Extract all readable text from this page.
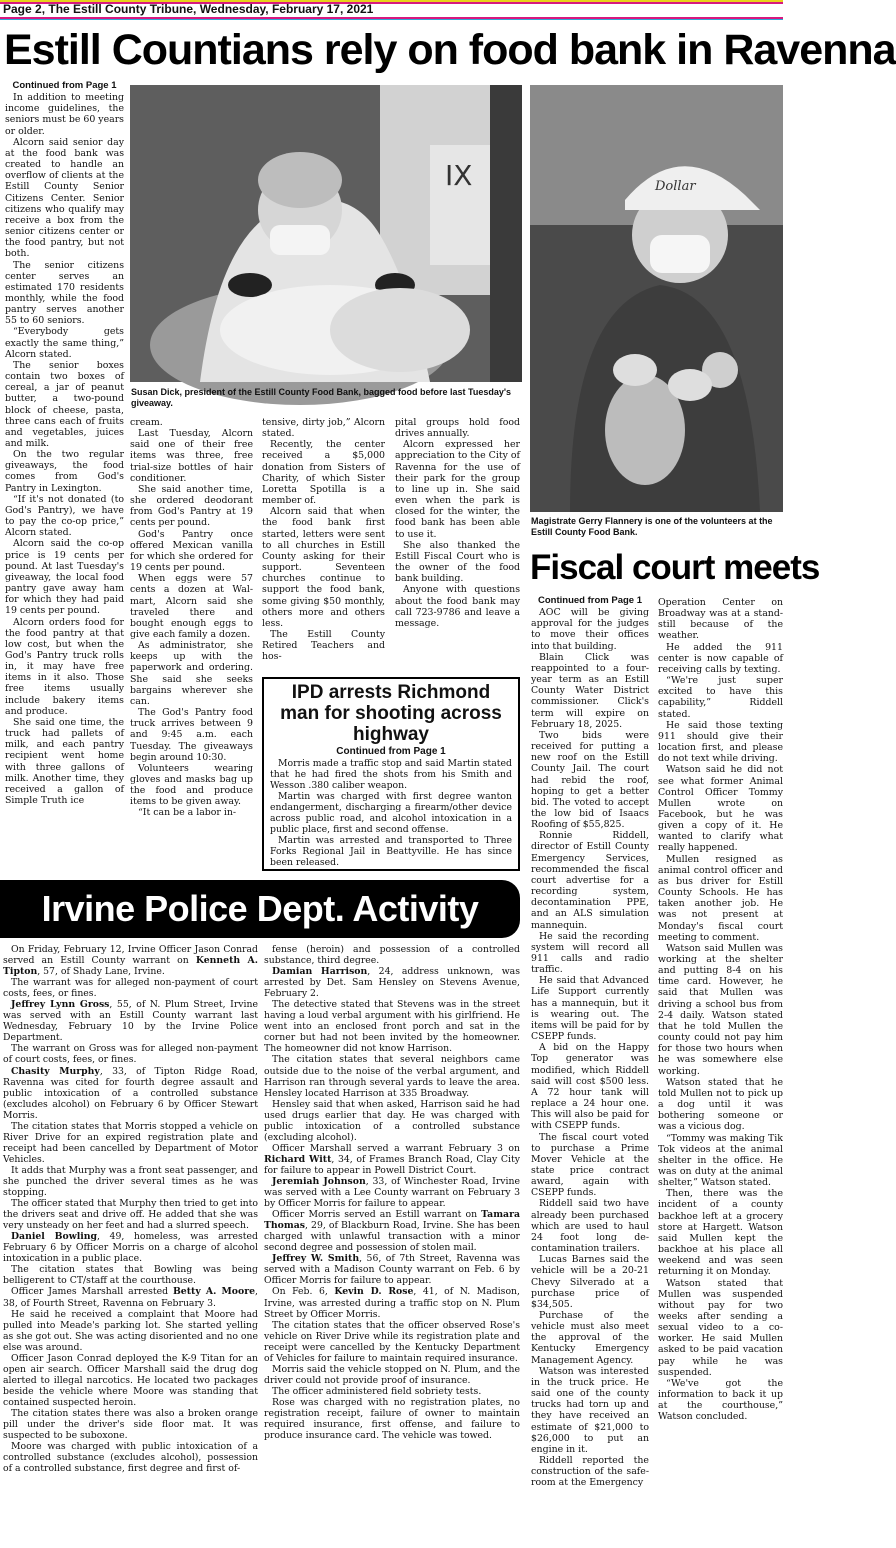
Page 2, The Estill County Tribune, Wednesday, February 17, 2021
Estill Countians rely on food bank in Ravenna
Continued from Page 1

In addition to meeting income guidelines, the seniors must be 60 years or older.

Alcorn said senior day at the food bank was created to handle an overflow of clients at the Estill County Senior Citizens Center. Senior citizens who qualify may receive a box from the senior citizens center or the food pantry, but not both.

The senior citizens center serves an estimated 170 residents monthly, while the food pantry serves another 55 to 60 seniors.

“Everybody gets exactly the same thing,” Alcorn stated.

The senior boxes contain two boxes of cereal, a jar of peanut butter, a two-pound block of cheese, pasta, three cans each of fruits and vegetables, juices and milk.

On the two regular giveaways, the food comes from God's Pantry in Lexington.

“If it's not donated (to God's Pantry), we have to pay the co-op price,” Alcorn stated.

Alcorn said the co-op price is 19 cents per pound. At last Tuesday's giveaway, the local food pantry gave away ham for which they had paid 19 cents per pound.

Alcorn orders food for the food pantry at that low cost, but when the God's Pantry truck rolls in, it may have free items in it also. Those free items usually include bakery items and produce.

She said one time, the truck had pallets of milk, and each pantry recipient went home with three gallons of milk. Another time, they received a gallon of Simple Truth ice

IX
Susan Dick, president of the Estill County Food Bank, bagged food before last Tuesday's giveaway.
Dollar
Magistrate Gerry Flannery is one of the volunteers at the Estill County Food Bank.

cream.

Last Tuesday, Alcorn said one of their free items was three, free trial-size bottles of hair conditioner.

She said another time, she ordered deodorant from God's Pantry at 19 cents per pound.

God's Pantry once offered Mexican vanilla for which she ordered for 19 cents per pound.

When eggs were 57 cents a dozen at Wal-mart, Alcorn said she traveled there and bought enough eggs to give each family a dozen.

As administrator, she keeps up with the paperwork and ordering. She said she seeks bargains wherever she can.

The God's Pantry food truck arrives between 9 and 9:45 a.m. each Tuesday. The giveaways begin around 10:30.

Volunteers wearing gloves and masks bag up the food and produce items to be given away.

“It can be a labor in-

tensive, dirty job,” Alcorn stated.

Recently, the center received a $5,000 donation from Sisters of Charity, of which Sister Loretta Spotilla is a member of.

Alcorn said that when the food bank first started, letters were sent to all churches in Estill County asking for their support. Seventeen churches continue to support the food bank, some giving $50 monthly, others more and others less.

The Estill County Retired Teachers and hos-

pital groups hold food drives annually.

Alcorn expressed her appreciation to the City of Ravenna for the use of their park for the group to line up in. She said even when the park is closed for the winter, the food bank has been able to use it.

She also thanked the Estill Fiscal Court who is the owner of the food bank building.

Anyone with questions about the food bank may call 723-9786 and leave a message.

IPD arrests Richmond man for shooting across highway
Continued from Page 1

Morris made a traffic stop and said Martin stated that he had fired the shots from his Smith and Wesson .380 caliber weapon.

Martin was charged with first degree wanton endangerment, discharging a firearm/other device across public road, and alcohol intoxication in a public place, first and second offense.

Martin was arrested and transported to Three Forks Regional Jail in Beattyville. He has since been released.

Fiscal court meets
Continued from Page 1

AOC will be giving approval for the judges to move their offices into that building.

Blain Click was reappointed to a four-year term as an Estill County Water District commissioner. Click's term will expire on February 18, 2025.

Two bids were received for putting a new roof on the Estill County Jail. The court had rebid the roof, hoping to get a better bid. The voted to accept the low bid of Isaacs Roofing of $55,825.

Ronnie Riddell, director of Estill County Emergency Services, recommended the fiscal court advertise for a recording system, decontamination PPE, and an ALS simulation mannequin.

He said the recording system will record all 911 calls and radio traffic.

He said that Advanced Life Support currently has a mannequin, but it is wearing out. The items will be paid for by CSEPP funds.

A bid on the Happy Top generator was modified, which Riddell said will cost $500 less. A 72 hour tank will replace a 24 hour one. This will also be paid for with CSEPP funds.

The fiscal court voted to purchase a Prime Mover Vehicle at the state price contract award, again with CSEPP funds.

Riddell said two have already been purchased which are used to haul 24 foot long de-contamination trailers.

Lucas Barnes said the vehicle will be a 20-21 Chevy Silverado at a purchase price of $34,505.

Purchase of the vehicle must also meet the approval of the Kentucky Emergency Management Agency.

Watson was interested in the truck price. He said one of the county trucks had torn up and they have received an estimate of $21,000 to $26,000 to put an engine in it.

Riddell reported the construction of the safe-room at the Emergency

Operation Center on Broadway was at a stand-still because of the weather.

He added the 911 center is now capable of receiving calls by texting.

“We're just super excited to have this capability,” Riddell stated.

He said those texting 911 should give their location first, and please do not text while driving.

Watson said he did not see what former Animal Control Officer Tommy Mullen wrote on Facebook, but he was given a copy of it. He wanted to clarify what really happened.

Mullen resigned as animal control officer and as bus driver for Estill County Schools. He has taken another job. He was not present at Monday's fiscal court meeting to comment.

Watson said Mullen was working at the shelter and putting 8-4 on his time card. However, he said that Mullen was driving a school bus from 2-4 daily. Watson stated that he told Mullen the county could not pay him for those two hours when he was somewhere else working.

Watson stated that he told Mullen not to pick up a dog until it was bothering someone or was a vicious dog.

“Tommy was making Tik Tok videos at the animal shelter in the office. He was on duty at the animal shelter,” Watson stated.

Then, there was the incident of a county backhoe left at a grocery store at Hargett. Watson said Mullen kept the backhoe at his place all weekend and was seen returning it on Monday.

Watson stated that Mullen was suspended without pay for two weeks after sending a sexual video to a co-worker. He said Mullen asked to be paid vacation pay while he was suspended.

“We've got the information to back it up at the courthouse,” Watson concluded.

Irvine Police Dept. Activity

On Friday, February 12, Irvine Officer Jason Conrad served an Estill County warrant on Kenneth A. Tipton, 57, of Shady Lane, Irvine.

The warrant was for alleged non-payment of court costs, fees, or fines.

Jeffrey Lynn Gross, 55, of N. Plum Street, Irvine was served with an Estill County warrant last Wednesday, February 10 by the Irvine Police Department.

The warrant on Gross was for alleged non-payment of court costs, fees, or fines.

Chasity Murphy, 33, of Tipton Ridge Road, Ravenna was cited for fourth degree assault and public intoxication of a controlled substance (excludes alcohol) on February 6 by Officer Stewart Morris.

The citation states that Morris stopped a vehicle on River Drive for an expired registration plate and receipt had been cancelled by Department of Motor Vehicles.

It adds that Murphy was a front seat passenger, and she punched the driver several times as he was stopping.

The officer stated that Murphy then tried to get into the drivers seat and drive off. He added that she was very unsteady on her feet and had a slurred speech.

Daniel Bowling, 49, homeless, was arrested February 6 by Officer Morris on a charge of alcohol intoxication in a public place.

The citation states that Bowling was being belligerent to CT/staff at the courthouse.

Officer James Marshall arrested Betty A. Moore, 38, of Fourth Street, Ravenna on February 3.

He said he received a complaint that Moore had pulled into Meade's parking lot. She started yelling as she got out. She was acting disoriented and no one else was around.

Officer Jason Conrad deployed the K-9 Titan for an open air search. Officer Marshall said the drug dog alerted to illegal narcotics. He located two packages beside the vehicle where Moore was standing that contained suspected heroin.

The citation states there was also a broken orange pill under the driver's side floor mat. It was suspected to be suboxone.

Moore was charged with public intoxication of a controlled substance (excludes alcohol), possession of a controlled substance, first degree and first of-

fense (heroin) and possession of a controlled substance, third degree.

Damian Harrison, 24, address unknown, was arrested by Det. Sam Hensley on Stevens Avenue, February 2.

The detective stated that Stevens was in the street having a loud verbal argument with his girlfriend. He went into an enclosed front porch and sat in the corner but had not been invited by the homeowner. The homeowner did not know Harrison.

The citation states that several neighbors came outside due to the noise of the verbal argument, and Harrison ran through several yards to leave the area. Hensley located Harrison at 335 Broadway.

Hensley said that when asked, Harrison said he had used drugs earlier that day. He was charged with public intoxication of a controlled substance (excluding alcohol).

Officer Marshall served a warrant February 3 on Richard Witt, 34, of Frames Branch Road, Clay City for failure to appear in Powell District Court.

Jeremiah Johnson, 33, of Winchester Road, Irvine was served with a Lee County warrant on February 3 by Officer Morris for failure to appear.

Officer Morris served an Estill warrant on Tamara Thomas, 29, of Blackburn Road, Irvine. She has been charged with unlawful transaction with a minor second degree and possession of stolen mail.

Jeffrey W. Smith, 56, of 7th Street, Ravenna was served with a Madison County warrant on Feb. 6 by Officer Morris for failure to appear.

On Feb. 6, Kevin D. Rose, 41, of N. Madison, Irvine, was arrested during a traffic stop on N. Plum Street by Officer Morris.

The citation states that the officer observed Rose's vehicle on River Drive while its registration plate and receipt were cancelled by the Kentucky Department of Vehicles for failure to maintain required insurance.

Morris said the vehicle stopped on N. Plum, and the driver could not provide proof of insurance.

The officer administered field sobriety tests.

Rose was charged with no registration plates, no registration receipt, failure of owner to maintain required insurance, first offense, and failure to produce insurance card. The vehicle was towed.
